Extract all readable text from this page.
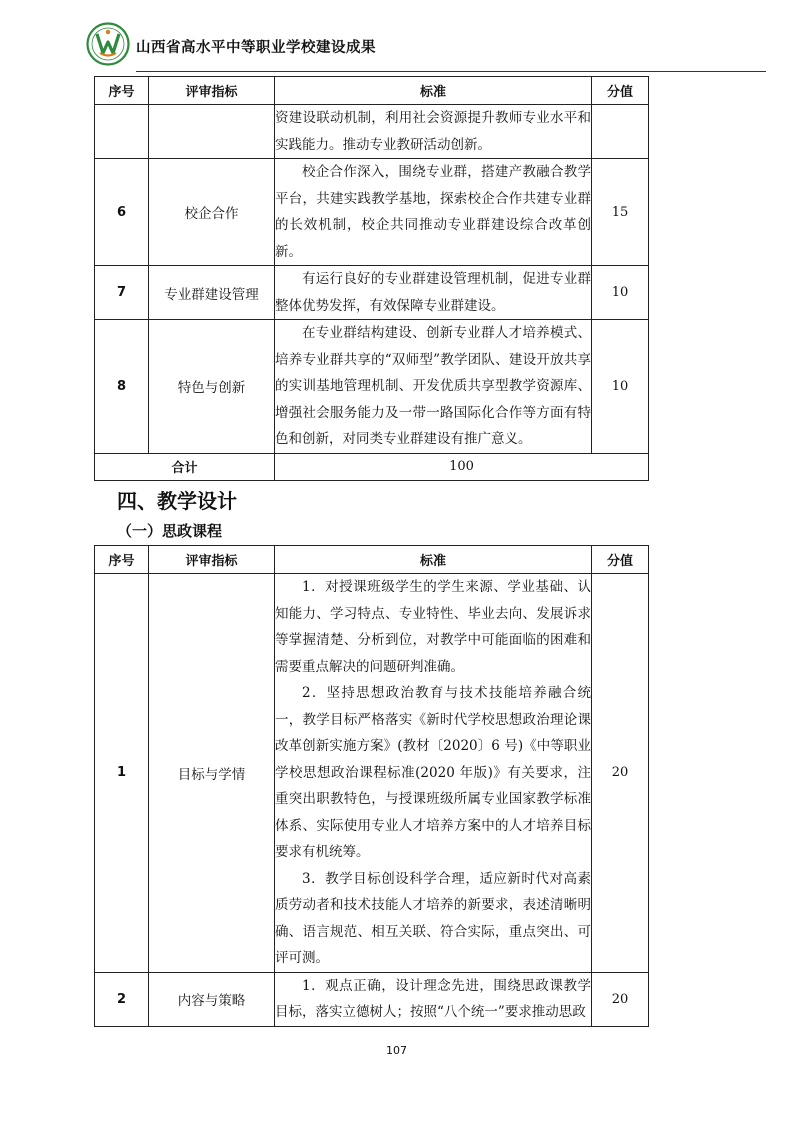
山西省高水平中等职业学校建设成果
序号	评审指标	标准	分值
		资建设联动机制，利用社会资源提升教师专业水平和实践能力。推动专业教研活动创新。	
6	校企合作	校企合作深入，围绕专业群，搭建产教融合教学平台，共建实践教学基地，探索校企合作共建专业群的长效机制，校企共同推动专业群建设综合改革创新。	15
7	专业群建设管理	有运行良好的专业群建设管理机制，促进专业群整体优势发挥，有效保障专业群建设。	10
8	特色与创新	在专业群结构建设、创新专业群人才培养模式、培养专业群共享的“双师型”教学团队、建设开放共享的实训基地管理机制、开发优质共享型教学资源库、增强社会服务能力及一带一路国际化合作等方面有特色和创新，对同类专业群建设有推广意义。	10
合计		100	
四、教学设计
（一）思政课程
序号	评审指标	标准	分值
1	目标与学情	1．对授课班级学生的学生来源、学业基础、认知能力、学习特点、专业特性、毕业去向、发展诉求等掌握清楚、分析到位，对教学中可能面临的困难和需要重点解决的问题研判准确。

2．坚持思想政治教育与技术技能培养融合统一，教学目标严格落实《新时代学校思想政治理论课改革创新实施方案》(教材〔2020〕6 号)《中等职业学校思想政治课程标准(2020 年版)》有关要求，注重突出职教特色，与授课班级所属专业国家教学标准体系、实际使用专业人才培养方案中的人才培养目标要求有机统筹。

3．教学目标创设科学合理，适应新时代对高素质劳动者和技术技能人才培养的新要求，表述清晰明确、语言规范、相互关联、符合实际，重点突出、可评可测。	20
2	内容与策略	1．观点正确，设计理念先进，围绕思政课教学目标，落实立德树人；按照“八个统一”要求推动思政	20
107
